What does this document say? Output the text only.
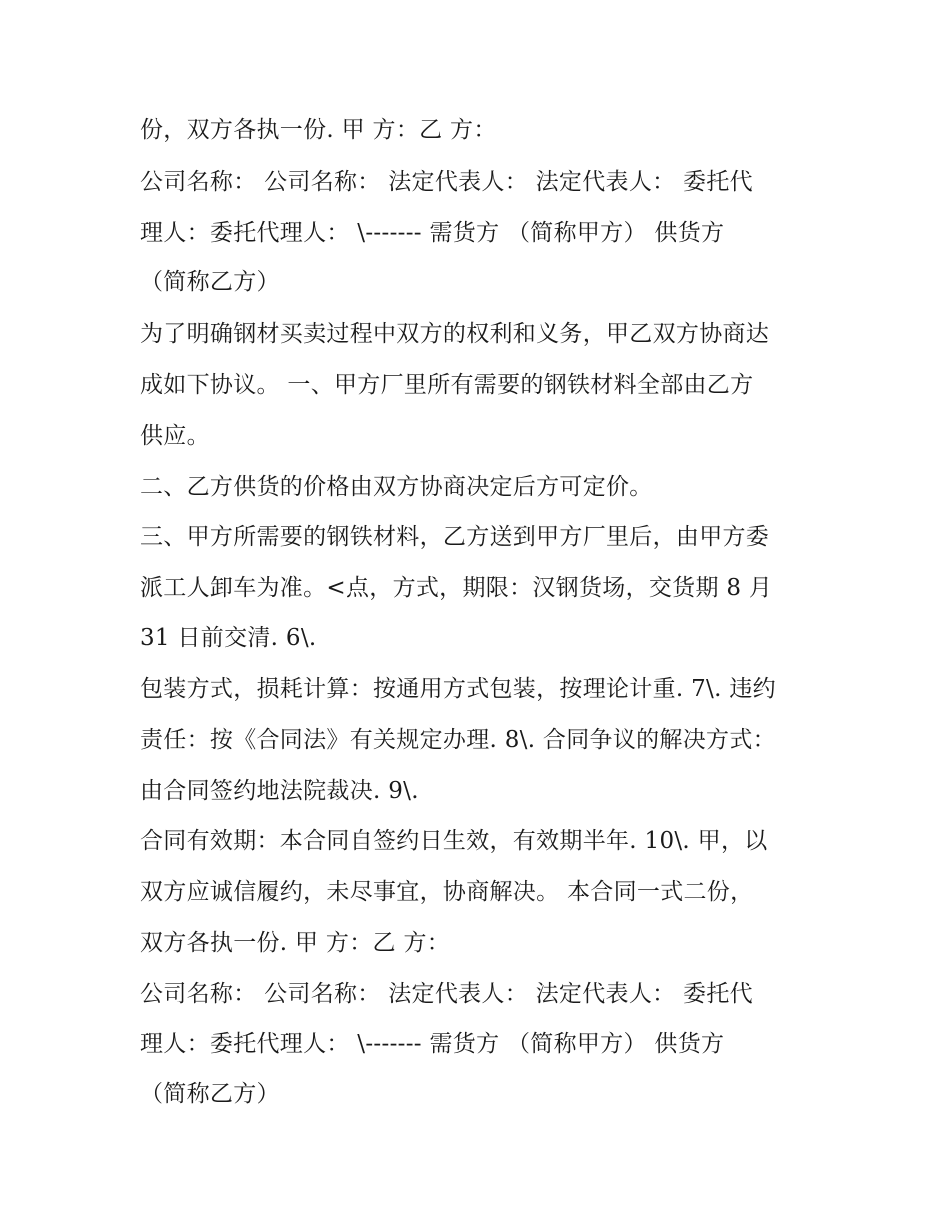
份，双方各执一份. 甲 方：乙 方：
公司名称： 公司名称： 法定代表人： 法定代表人： 委托代
理人：委托代理人： \------- 需货方 （简称甲方） 供货方
（简称乙方）
为了明确钢材买卖过程中双方的权利和义务，甲乙双方协商达
成如下协议。 一、甲方厂里所有需要的钢铁材料全部由乙方
供应。
二、乙方供货的价格由双方协商决定后方可定价。
三、甲方所需要的钢铁材料，乙方送到甲方厂里后，由甲方委
派工人卸车为准。<点，方式，期限：汉钢货场，交货期 8 月
31 日前交清. 6\.
包装方式，损耗计算：按通用方式包装，按理论计重. 7\. 违约
责任：按《合同法》有关规定办理. 8\. 合同争议的解决方式：
由合同签约地法院裁决. 9\.
合同有效期：本合同自签约日生效，有效期半年. 10\. 甲，以
双方应诚信履约，未尽事宜，协商解决。 本合同一式二份，
双方各执一份. 甲 方：乙 方：
公司名称： 公司名称： 法定代表人： 法定代表人： 委托代
理人：委托代理人： \------- 需货方 （简称甲方） 供货方
（简称乙方）
